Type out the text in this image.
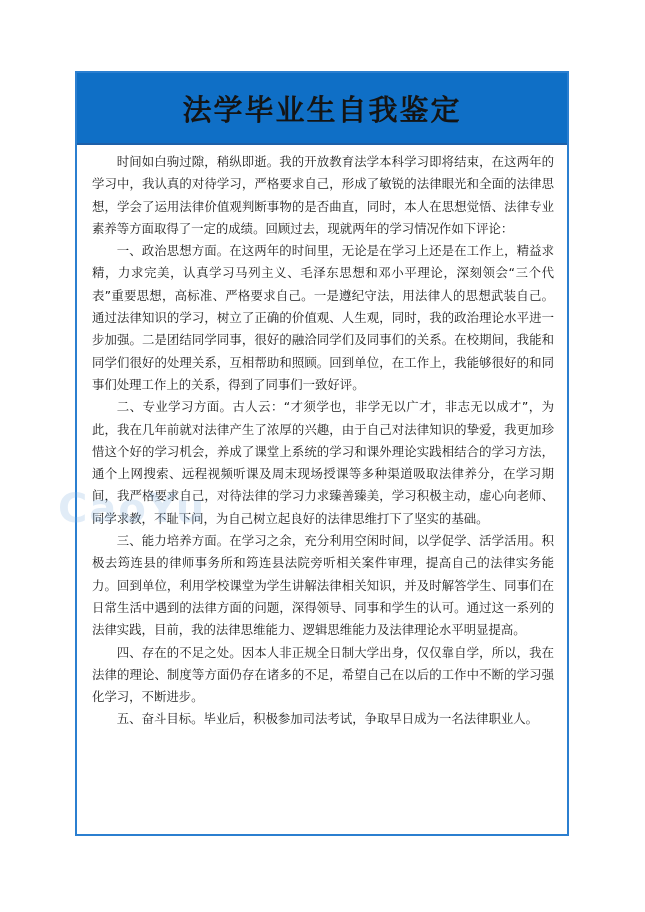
法学毕业生自我鉴定

时间如白驹过隙，稍纵即逝。我的开放教育法学本科学习即将结束，在这两年的学习中，我认真的对待学习，严格要求自己，形成了敏锐的法律眼光和全面的法律思想，学会了运用法律价值观判断事物的是否曲直，同时，本人在思想觉悟、法律专业素养等方面取得了一定的成绩。回顾过去，现就两年的学习情况作如下评论：

一、政治思想方面。在这两年的时间里，无论是在学习上还是在工作上，精益求精，力求完美，认真学习马列主义、毛泽东思想和邓小平理论，深刻领会“三个代表”重要思想，高标准、严格要求自己。一是遵纪守法，用法律人的思想武装自己。通过法律知识的学习，树立了正确的价值观、人生观，同时，我的政治理论水平进一步加强。二是团结同学同事，很好的融洽同学们及同事们的关系。在校期间，我能和同学们很好的处理关系，互相帮助和照顾。回到单位，在工作上，我能够很好的和同事们处理工作上的关系，得到了同事们一致好评。

二、专业学习方面。古人云：“才须学也，非学无以广才，非志无以成才”，为此，我在几年前就对法律产生了浓厚的兴趣，由于自己对法律知识的挚爱，我更加珍惜这个好的学习机会，养成了课堂上系统的学习和课外理论实践相结合的学习方法，通个上网搜索、远程视频听课及周末现场授课等多种渠道吸取法律养分，在学习期间，我严格要求自己，对待法律的学习力求臻善臻美，学习积极主动，虚心向老师、同学求教，不耻下问，为自己树立起良好的法律思维打下了坚实的基础。

三、能力培养方面。在学习之余，充分利用空闲时间，以学促学、活学活用。积极去筠连县的律师事务所和筠连县法院旁听相关案件审理，提高自己的法律实务能力。回到单位，利用学校课堂为学生讲解法律相关知识，并及时解答学生、同事们在日常生活中遇到的法律方面的问题，深得领导、同事和学生的认可。通过这一系列的法律实践，目前，我的法律思维能力、逻辑思维能力及法律理论水平明显提高。

四、存在的不足之处。因本人非正规全日制大学出身，仅仅靠自学，所以，我在法律的理论、制度等方面仍存在诸多的不足，希望自己在以后的工作中不断的学习强化学习，不断进步。

五、奋斗目标。毕业后，积极参加司法考试，争取早日成为一名法律职业人。

CaoYu
